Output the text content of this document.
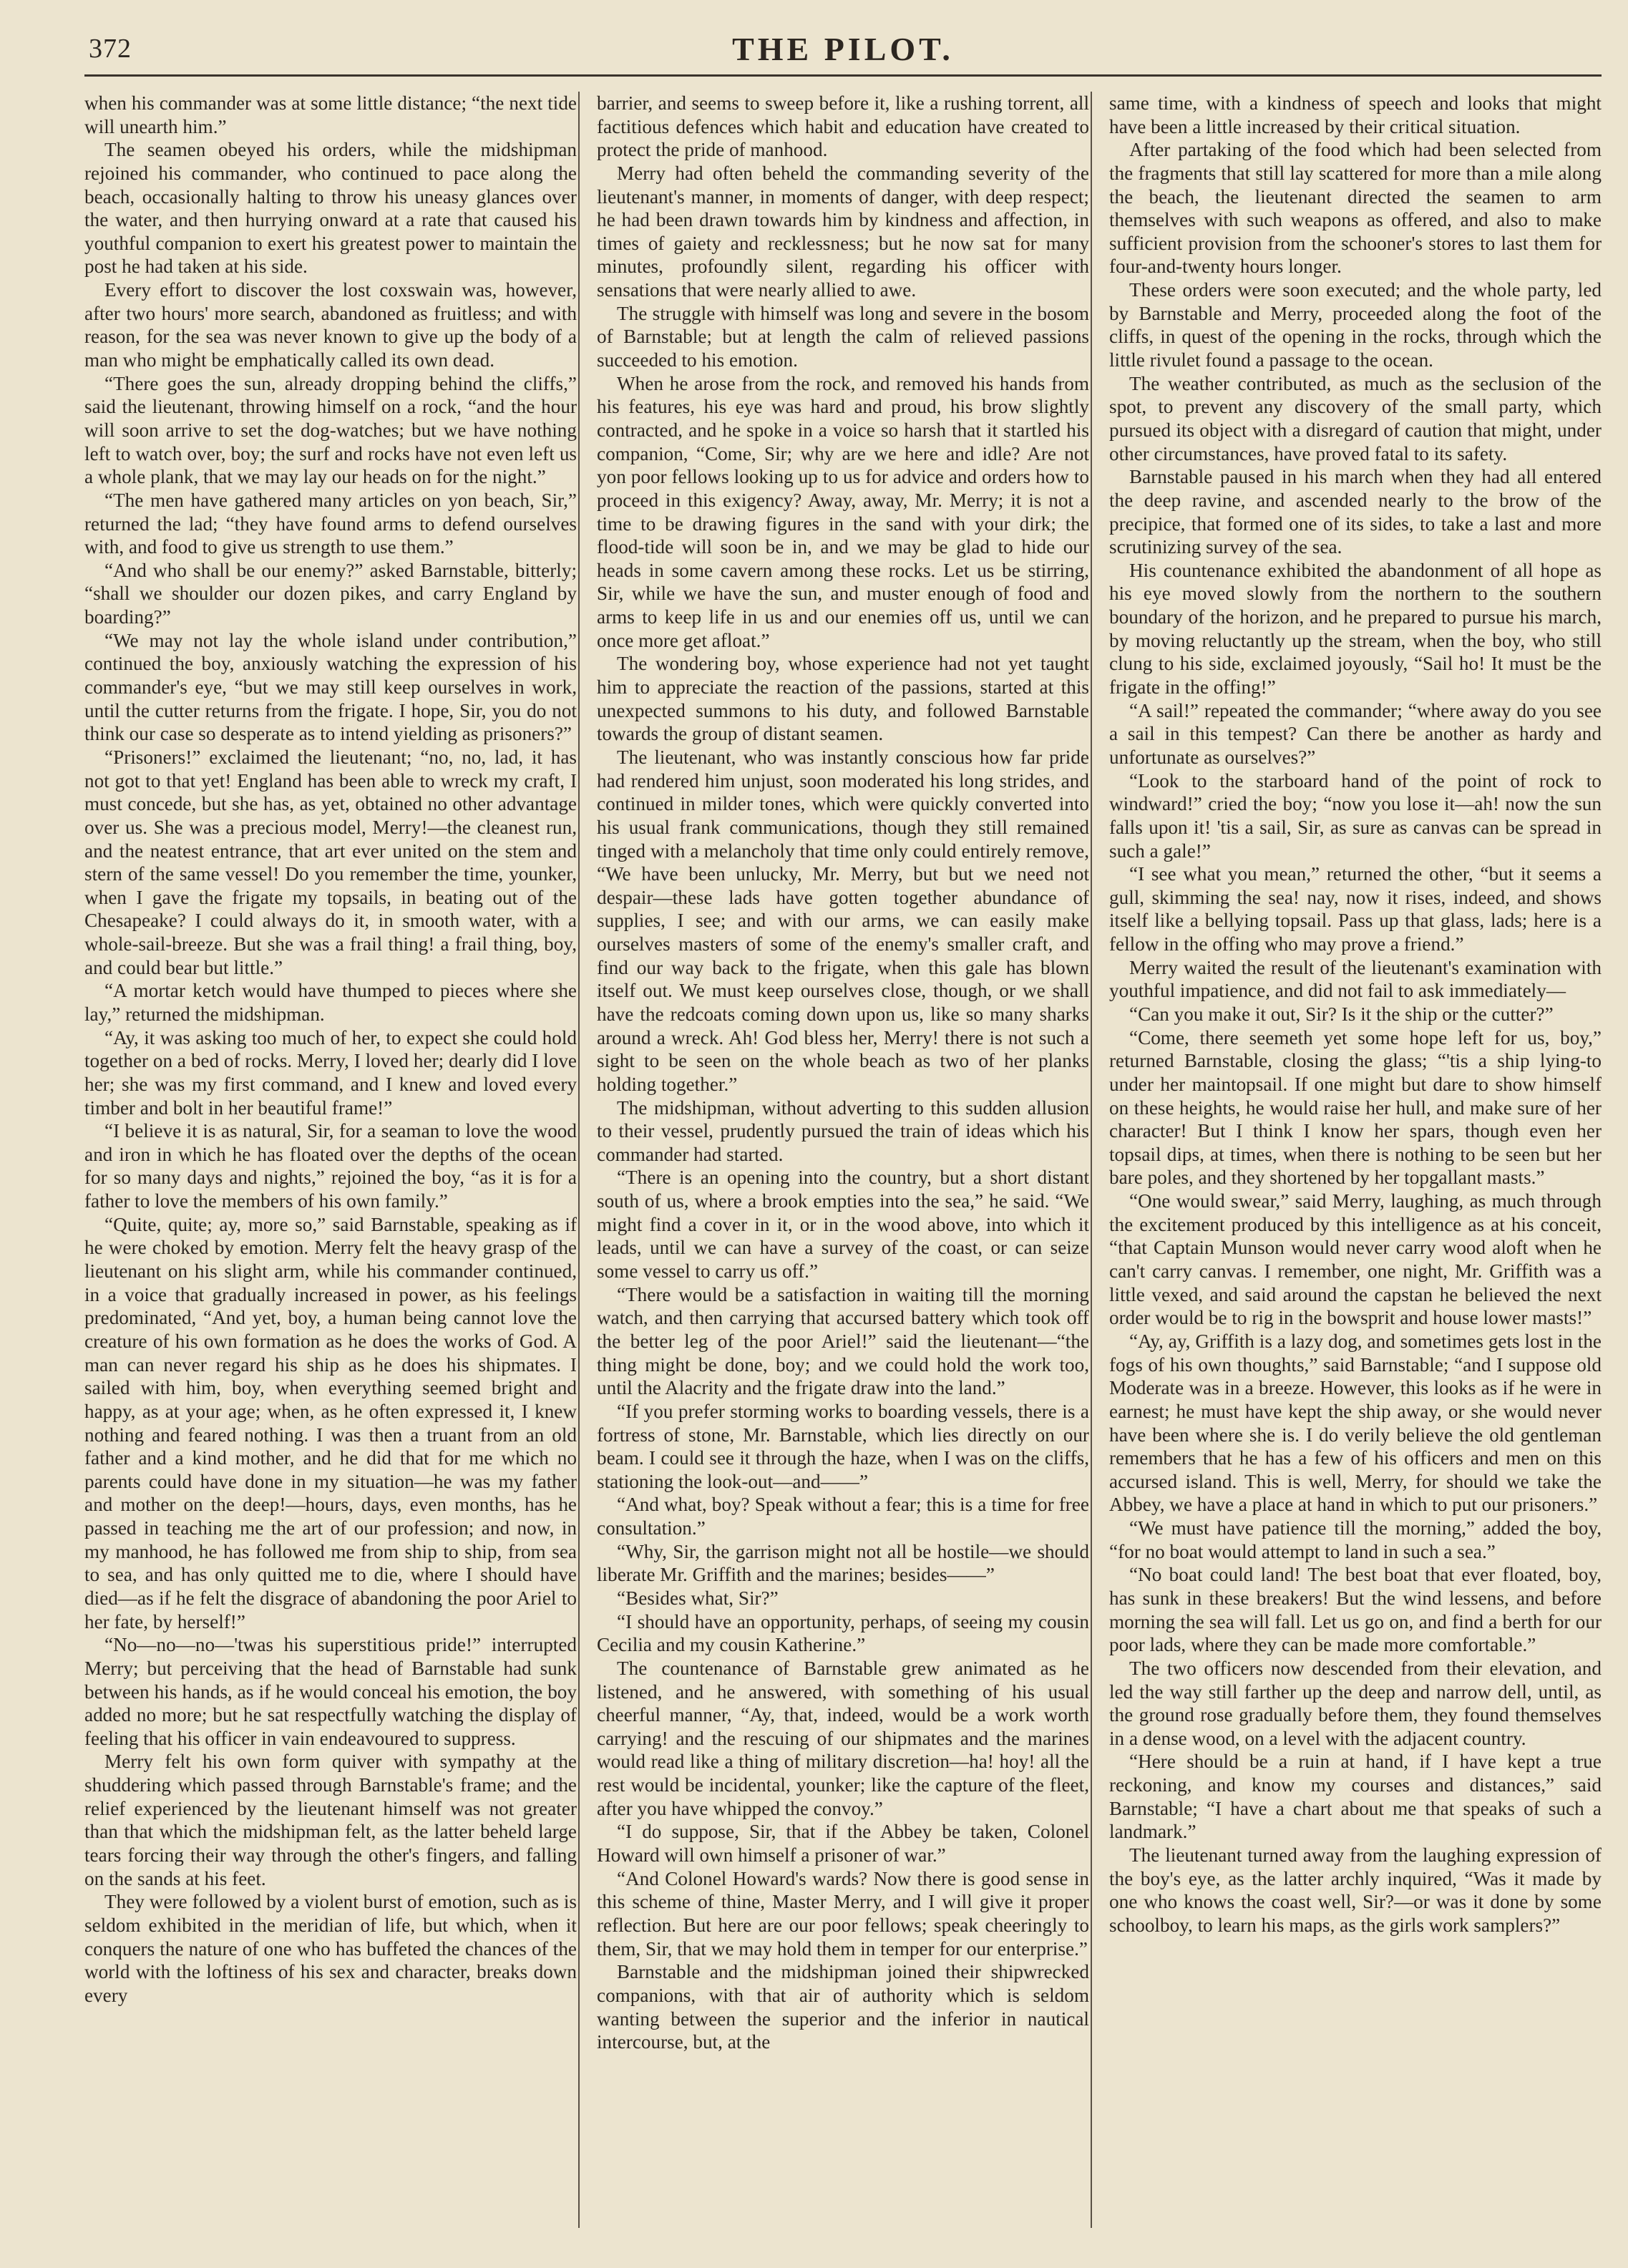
372	THE PILOT.

when his commander was at some little distance; “the next tide will unearth him.”

The seamen obeyed his orders, while the midshipman rejoined his commander, who continued to pace along the beach, occasionally halting to throw his uneasy glances over the water, and then hurrying onward at a rate that caused his youthful companion to exert his greatest power to maintain the post he had taken at his side.

Every effort to discover the lost coxswain was, however, after two hours' more search, abandoned as fruitless; and with reason, for the sea was never known to give up the body of a man who might be emphatically called its own dead.

“There goes the sun, already dropping behind the cliffs,” said the lieutenant, throwing himself on a rock, “and the hour will soon arrive to set the dog-watches; but we have nothing left to watch over, boy; the surf and rocks have not even left us a whole plank, that we may lay our heads on for the night.”

“The men have gathered many articles on yon beach, Sir,” returned the lad; “they have found arms to defend ourselves with, and food to give us strength to use them.”

“And who shall be our enemy?” asked Barnstable, bitterly; “shall we shoulder our dozen pikes, and carry England by boarding?”

“We may not lay the whole island under contribution,” continued the boy, anxiously watching the expression of his commander's eye, “but we may still keep ourselves in work, until the cutter returns from the frigate. I hope, Sir, you do not think our case so desperate as to intend yielding as prisoners?”

“Prisoners!” exclaimed the lieutenant; “no, no, lad, it has not got to that yet! England has been able to wreck my craft, I must concede, but she has, as yet, obtained no other advantage over us. She was a precious model, Merry!—the cleanest run, and the neatest entrance, that art ever united on the stem and stern of the same vessel! Do you remember the time, younker, when I gave the frigate my topsails, in beating out of the Chesapeake? I could always do it, in smooth water, with a whole-sail-breeze. But she was a frail thing! a frail thing, boy, and could bear but little.”

“A mortar ketch would have thumped to pieces where she lay,” returned the midshipman.

“Ay, it was asking too much of her, to expect she could hold together on a bed of rocks. Merry, I loved her; dearly did I love her; she was my first command, and I knew and loved every timber and bolt in her beautiful frame!”

“I believe it is as natural, Sir, for a seaman to love the wood and iron in which he has floated over the depths of the ocean for so many days and nights,” rejoined the boy, “as it is for a father to love the members of his own family.”

“Quite, quite; ay, more so,” said Barnstable, speaking as if he were choked by emotion. Merry felt the heavy grasp of the lieutenant on his slight arm, while his commander continued, in a voice that gradually increased in power, as his feelings predominated, “And yet, boy, a human being cannot love the creature of his own formation as he does the works of God. A man can never regard his ship as he does his shipmates. I sailed with him, boy, when everything seemed bright and happy, as at your age; when, as he often expressed it, I knew nothing and feared nothing. I was then a truant from an old father and a kind mother, and he did that for me which no parents could have done in my situation—he was my father and mother on the deep!—hours, days, even months, has he passed in teaching me the art of our profession; and now, in my manhood, he has followed me from ship to ship, from sea to sea, and has only quitted me to die, where I should have died—as if he felt the disgrace of abandoning the poor Ariel to her fate, by herself!”

“No—no—no—'twas his superstitious pride!” interrupted Merry; but perceiving that the head of Barnstable had sunk between his hands, as if he would conceal his emotion, the boy added no more; but he sat respectfully watching the display of feeling that his officer in vain endeavoured to suppress.

Merry felt his own form quiver with sympathy at the shuddering which passed through Barnstable's frame; and the relief experienced by the lieutenant himself was not greater than that which the midshipman felt, as the latter beheld large tears forcing their way through the other's fingers, and falling on the sands at his feet.

They were followed by a violent burst of emotion, such as is seldom exhibited in the meridian of life, but which, when it conquers the nature of one who has buffeted the chances of the world with the loftiness of his sex and character, breaks down every

barrier, and seems to sweep before it, like a rushing torrent, all factitious defences which habit and education have created to protect the pride of manhood.

Merry had often beheld the commanding severity of the lieutenant's manner, in moments of danger, with deep respect; he had been drawn towards him by kindness and affection, in times of gaiety and recklessness; but he now sat for many minutes, profoundly silent, regarding his officer with sensations that were nearly allied to awe.

The struggle with himself was long and severe in the bosom of Barnstable; but at length the calm of relieved passions succeeded to his emotion.

When he arose from the rock, and removed his hands from his features, his eye was hard and proud, his brow slightly contracted, and he spoke in a voice so harsh that it startled his companion, “Come, Sir; why are we here and idle? Are not yon poor fellows looking up to us for advice and orders how to proceed in this exigency? Away, away, Mr. Merry; it is not a time to be drawing figures in the sand with your dirk; the flood-tide will soon be in, and we may be glad to hide our heads in some cavern among these rocks. Let us be stirring, Sir, while we have the sun, and muster enough of food and arms to keep life in us and our enemies off us, until we can once more get afloat.”

The wondering boy, whose experience had not yet taught him to appreciate the reaction of the passions, started at this unexpected summons to his duty, and followed Barnstable towards the group of distant seamen.

The lieutenant, who was instantly conscious how far pride had rendered him unjust, soon moderated his long strides, and continued in milder tones, which were quickly converted into his usual frank communications, though they still remained tinged with a melancholy that time only could entirely remove, “We have been unlucky, Mr. Merry, but but we need not despair—these lads have gotten together abundance of supplies, I see; and with our arms, we can easily make ourselves masters of some of the enemy's smaller craft, and find our way back to the frigate, when this gale has blown itself out. We must keep ourselves close, though, or we shall have the redcoats coming down upon us, like so many sharks around a wreck. Ah! God bless her, Merry! there is not such a sight to be seen on the whole beach as two of her planks holding together.”

The midshipman, without adverting to this sudden allusion to their vessel, prudently pursued the train of ideas which his commander had started.

“There is an opening into the country, but a short distant south of us, where a brook empties into the sea,” he said. “We might find a cover in it, or in the wood above, into which it leads, until we can have a survey of the coast, or can seize some vessel to carry us off.”

“There would be a satisfaction in waiting till the morning watch, and then carrying that accursed battery which took off the better leg of the poor Ariel!” said the lieutenant—“the thing might be done, boy; and we could hold the work too, until the Alacrity and the frigate draw into the land.”

“If you prefer storming works to boarding vessels, there is a fortress of stone, Mr. Barnstable, which lies directly on our beam. I could see it through the haze, when I was on the cliffs, stationing the look-out—and——”

“And what, boy? Speak without a fear; this is a time for free consultation.”

“Why, Sir, the garrison might not all be hostile—we should liberate Mr. Griffith and the marines; besides——”

“Besides what, Sir?”

“I should have an opportunity, perhaps, of seeing my cousin Cecilia and my cousin Katherine.”

The countenance of Barnstable grew animated as he listened, and he answered, with something of his usual cheerful manner, “Ay, that, indeed, would be a work worth carrying! and the rescuing of our shipmates and the marines would read like a thing of military discretion—ha! hoy! all the rest would be incidental, younker; like the capture of the fleet, after you have whipped the convoy.”

“I do suppose, Sir, that if the Abbey be taken, Colonel Howard will own himself a prisoner of war.”

“And Colonel Howard's wards? Now there is good sense in this scheme of thine, Master Merry, and I will give it proper reflection. But here are our poor fellows; speak cheeringly to them, Sir, that we may hold them in temper for our enterprise.”

Barnstable and the midshipman joined their shipwrecked companions, with that air of authority which is seldom wanting between the superior and the inferior in nautical intercourse, but, at the

same time, with a kindness of speech and looks that might have been a little increased by their critical situation.

After partaking of the food which had been selected from the fragments that still lay scattered for more than a mile along the beach, the lieutenant directed the seamen to arm themselves with such weapons as offered, and also to make sufficient provision from the schooner's stores to last them for four-and-twenty hours longer.

These orders were soon executed; and the whole party, led by Barnstable and Merry, proceeded along the foot of the cliffs, in quest of the opening in the rocks, through which the little rivulet found a passage to the ocean.

The weather contributed, as much as the seclusion of the spot, to prevent any discovery of the small party, which pursued its object with a disregard of caution that might, under other circumstances, have proved fatal to its safety.

Barnstable paused in his march when they had all entered the deep ravine, and ascended nearly to the brow of the precipice, that formed one of its sides, to take a last and more scrutinizing survey of the sea.

His countenance exhibited the abandonment of all hope as his eye moved slowly from the northern to the southern boundary of the horizon, and he prepared to pursue his march, by moving reluctantly up the stream, when the boy, who still clung to his side, exclaimed joyously, “Sail ho! It must be the frigate in the offing!”

“A sail!” repeated the commander; “where away do you see a sail in this tempest? Can there be another as hardy and unfortunate as ourselves?”

“Look to the starboard hand of the point of rock to windward!” cried the boy; “now you lose it—ah! now the sun falls upon it! 'tis a sail, Sir, as sure as canvas can be spread in such a gale!”

“I see what you mean,” returned the other, “but it seems a gull, skimming the sea! nay, now it rises, indeed, and shows itself like a bellying topsail. Pass up that glass, lads; here is a fellow in the offing who may prove a friend.”

Merry waited the result of the lieutenant's examination with youthful impatience, and did not fail to ask immediately—

“Can you make it out, Sir? Is it the ship or the cutter?”

“Come, there seemeth yet some hope left for us, boy,” returned Barnstable, closing the glass; “'tis a ship lying-to under her maintopsail. If one might but dare to show himself on these heights, he would raise her hull, and make sure of her character! But I think I know her spars, though even her topsail dips, at times, when there is nothing to be seen but her bare poles, and they shortened by her topgallant masts.”

“One would swear,” said Merry, laughing, as much through the excitement produced by this intelligence as at his conceit, “that Captain Munson would never carry wood aloft when he can't carry canvas. I remember, one night, Mr. Griffith was a little vexed, and said around the capstan he believed the next order would be to rig in the bowsprit and house lower masts!”

“Ay, ay, Griffith is a lazy dog, and sometimes gets lost in the fogs of his own thoughts,” said Barnstable; “and I suppose old Moderate was in a breeze. However, this looks as if he were in earnest; he must have kept the ship away, or she would never have been where she is. I do verily believe the old gentleman remembers that he has a few of his officers and men on this accursed island. This is well, Merry, for should we take the Abbey, we have a place at hand in which to put our prisoners.”

“We must have patience till the morning,” added the boy, “for no boat would attempt to land in such a sea.”

“No boat could land! The best boat that ever floated, boy, has sunk in these breakers! But the wind lessens, and before morning the sea will fall. Let us go on, and find a berth for our poor lads, where they can be made more comfortable.”

The two officers now descended from their elevation, and led the way still farther up the deep and narrow dell, until, as the ground rose gradually before them, they found themselves in a dense wood, on a level with the adjacent country.

“Here should be a ruin at hand, if I have kept a true reckoning, and know my courses and distances,” said Barnstable; “I have a chart about me that speaks of such a landmark.”

The lieutenant turned away from the laughing expression of the boy's eye, as the latter archly inquired, “Was it made by one who knows the coast well, Sir?—or was it done by some schoolboy, to learn his maps, as the girls work samplers?”
